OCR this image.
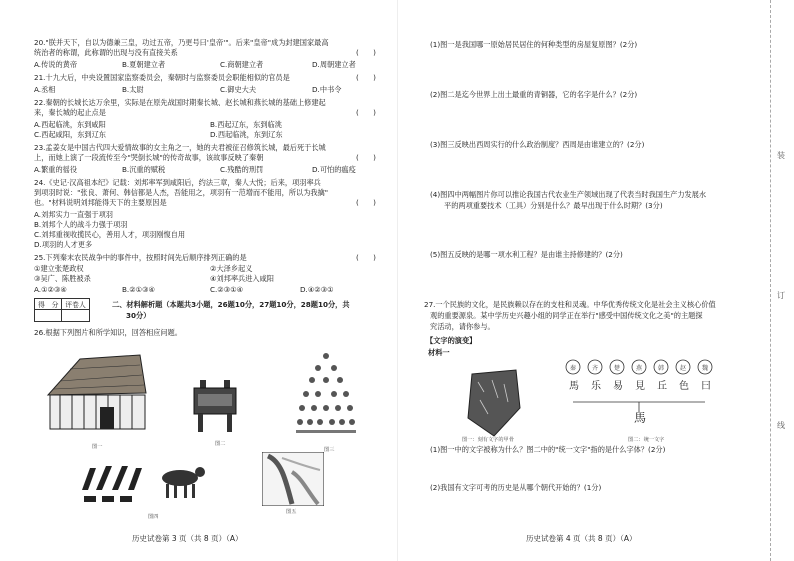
20."朕并天下，自以为德兼三皇，功过五帝，乃更号曰'皇帝'"。后来"皇帝"成为封建国家最高
统治者的称谓，此称谓的出现与没有直接关系	(　　)
A.传说的黄帝	B.夏朝建立者	C.商朝建立者	D.周朝建立者
21.十九大后，中央设置国家监察委员会，秦朝时与监察委员会职能相似的官员是	(　　)
A.丞相	B.太尉	C.御史大夫	D.中书令
22.秦朝的长城长达万余里，实际是在原先战国时期秦长城、赵长城和燕长城的基础上修建起
来，秦长城的起止点是	(　　)
A.西起临洮，东到咸阳	B.西起辽东，东到临洮
C.西起咸阳，东到辽东	D.西起临洮，东到辽东
23.孟姜女是中国古代四大爱情故事的女主角之一，她的夫君被征召修筑长城，最后死于长城
上，而她上演了一段流传至今"哭倒长城"的传奇故事，该故事反映了秦朝	(　　)
A.繁重的徭役	B.沉重的赋税	C.残酷的刑罚	D.可怕的瘟疫
24.《史记·汉高祖本纪》记载：刘邦率军到咸阳后，约法三章，秦人大悦；后来，项羽率兵
到项羽时说："张良、萧何、韩信都是人杰，吾能用之，项羽有一范增而不能用，所以为我擒"
也。"材料说明刘邦能得天下的主要原因是	(　　)
A.刘邦实力一直强于项羽
B.刘邦个人的战斗力强于项羽
C.刘邦重视收揽民心，善用人才，项羽刚愎自用
D.项羽的人才更多
25.下列秦末农民战争中的事件中，按照时间先后顺序排列正确的是	(　　)
①建立张楚政权	②大泽乡起义
③吴广、陈胜被杀	④刘邦率兵进入咸阳
A.①②③④	B.②①③④	C.②③①④	D.④②③①
得　分	评卷人
		二、材料解析题（本题共3小题，26题10分，27题10分，28题10分，共
30分）
26.根据下列图片和所学知识，回答相应问题。
图一	图二
图三
图四
图五
历史试卷第 3 页（共 8 页）（A）
(1)图一是我国哪一原始居民居住的何种类型的房屋复原图？(2分)
(2)图二是迄今世界上出土最重的青铜器，它的名字是什么？(2分)
(3)图三反映出西周实行的什么政治制度？西周是由谁建立的？(2分)
(4)图四中两幅图片你可以推论我国古代农业生产领域出现了代表当时我国生产力发展水
平的两项重要技术（工具）分别是什么？最早出现于什么时期？(3分)
(5)图五反映的是哪一项水利工程？是由谁主持修建的？(2分)
27.一个民族的文化，是民族赖以存在的支柱和灵魂。中华优秀传统文化是社会主义核心价值
观的重要源泉。某中学历史兴趣小组的同学正在举行"感受中国传统文化之美"的主题探
究活动，请你参与。
【文字的演变】
材料一
图一：刻有文字的甲骨
秦	齐	楚	燕	韩	赵	魏
馬 乐 易 見 丘 色 曰
馬
图二：统一文字
(1)图一中的文字被称为什么？图二中的"统一文字"指的是什么字体？(2分)
(2)我国有文字可考的历史是从哪个朝代开始的？(1分)
历史试卷第 4 页（共 8 页）（A）
装
订
线
